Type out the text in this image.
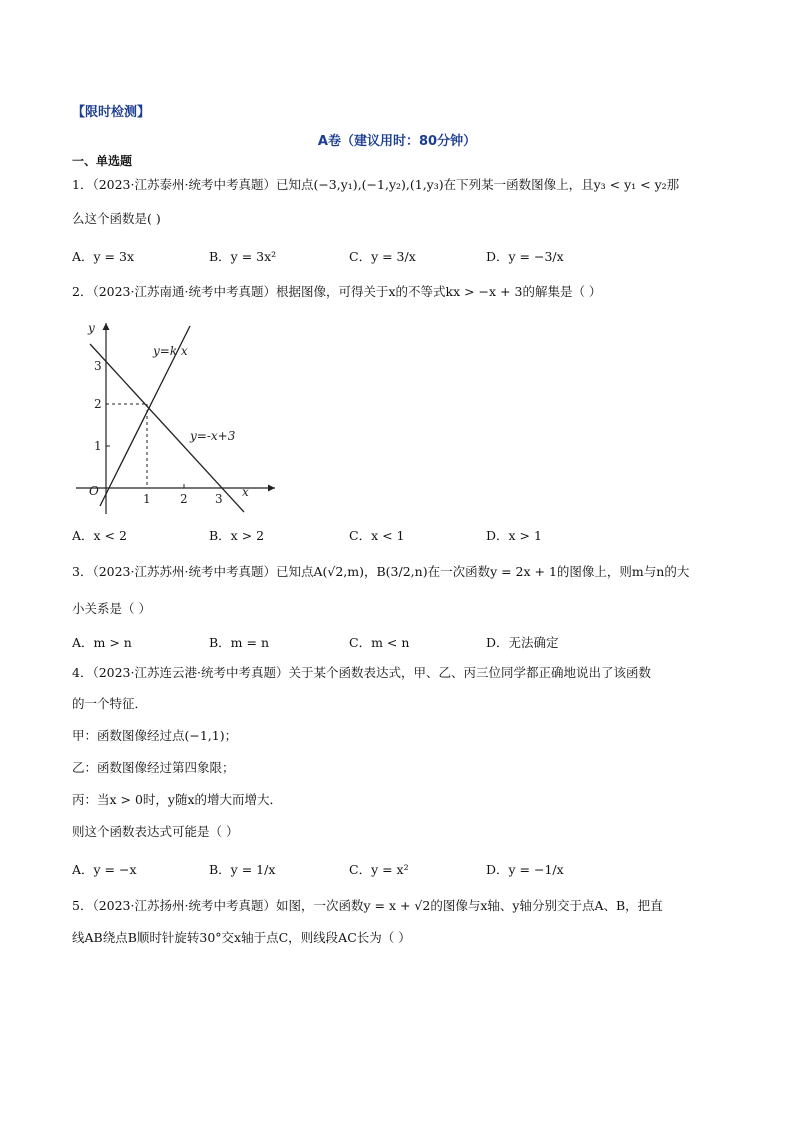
【限时检测】
A卷（建议用时：80分钟）
一、单选题
1．（2023·江苏泰州·统考中考真题）已知点(−3,y₁),(−1,y₂),(1,y₃)在下列某一函数图像上，且y₃ < y₁ < y₂那
么这个函数是( )
A．y = 3x	B．y = 3x²	C．y = 3/x	D．y = −3/x
2．（2023·江苏南通·统考中考真题）根据图像，可得关于x的不等式kx > −x + 3的解集是（ ）
y
x
O
y=k x
y=-x+3
1 2 3
1
2
3
A．x < 2	B．x > 2	C．x < 1	D．x > 1
3．（2023·江苏苏州·统考中考真题）已知点A(√2,m)，B(3/2,n)在一次函数y = 2x + 1的图像上，则m与n的大
小关系是（ ）
A．m > n	B．m = n	C．m < n	D．无法确定
4．（2023·江苏连云港·统考中考真题）关于某个函数表达式，甲、乙、丙三位同学都正确地说出了该函数
的一个特征．
甲：函数图像经过点(−1,1)；
乙：函数图像经过第四象限；
丙：当x > 0时，y随x的增大而增大．
则这个函数表达式可能是（ ）
A．y = −x	B．y = 1/x	C．y = x²	D．y = −1/x
5．（2023·江苏扬州·统考中考真题）如图，一次函数y = x + √2的图像与x轴、y轴分别交于点A、B，把直
线AB绕点B顺时针旋转30°交x轴于点C，则线段AC长为（ ）
